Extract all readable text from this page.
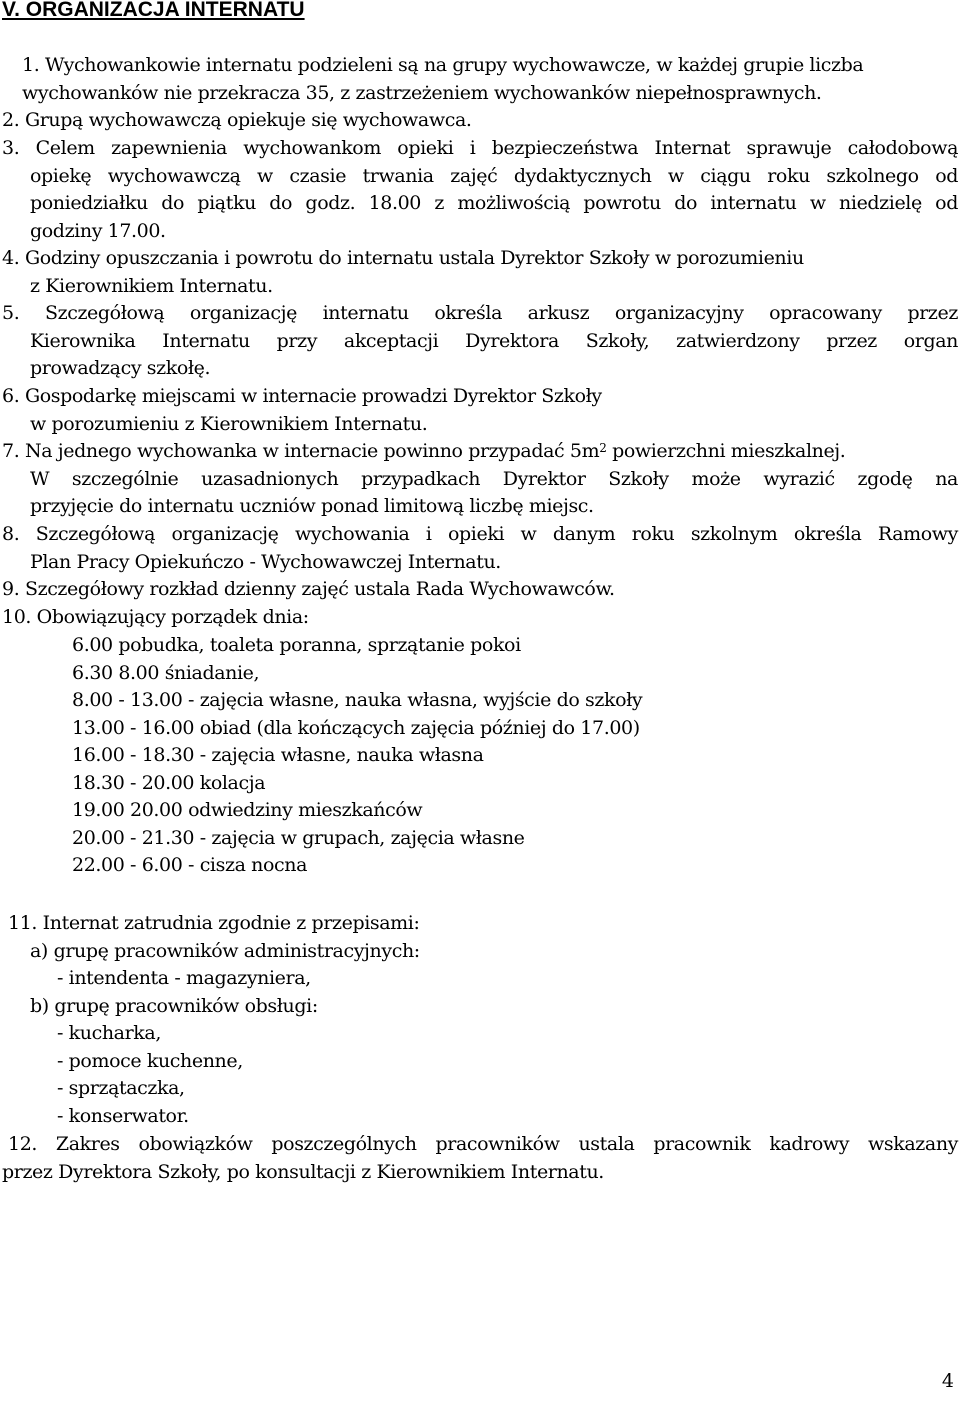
V. ORGANIZACJA INTERNATU
1. Wychowankowie internatu podzieleni są na grupy wychowawcze, w każdej grupie liczba
wychowanków nie przekracza 35, z zastrzeżeniem wychowanków niepełnosprawnych.
2. Grupą wychowawczą opiekuje się wychowawca.
3. Celem zapewnienia wychowankom opieki i bezpieczeństwa Internat sprawuje całodobową
opiekę wychowawczą w czasie trwania zajęć dydaktycznych w ciągu roku szkolnego od
poniedziałku do piątku do godz. 18.00 z możliwością powrotu do internatu w niedzielę od
godziny 17.00.
4. Godziny opuszczania i powrotu do internatu ustala Dyrektor Szkoły w porozumieniu
z Kierownikiem Internatu.
5. Szczegółową organizację internatu określa arkusz organizacyjny opracowany przez
Kierownika Internatu przy akceptacji Dyrektora Szkoły, zatwierdzony przez organ
prowadzący szkołę.
6. Gospodarkę miejscami w internacie prowadzi Dyrektor Szkoły
w porozumieniu z Kierownikiem Internatu.
7. Na jednego wychowanka w internacie powinno przypadać $5m^2$ powierzchni mieszkalnej.
W szczególnie uzasadnionych przypadkach Dyrektor Szkoły może wyrazić zgodę na
przyjęcie do internatu uczniów ponad limitową liczbę miejsc.
8. Szczegółową organizację wychowania i opieki w danym roku szkolnym określa Ramowy
Plan Pracy Opiekuńczo - Wychowawczej Internatu.
9. Szczegółowy rozkład dzienny zajęć ustala Rada Wychowawców.
10. Obowiązujący porządek dnia:
6.00 pobudka, toaleta poranna, sprzątanie pokoi
6.30 8.00 śniadanie,
8.00 - 13.00 - zajęcia własne, nauka własna, wyjście do szkoły
13.00 - 16.00 obiad (dla kończących zajęcia później do 17.00)
16.00 - 18.30 - zajęcia własne, nauka własna
18.30 - 20.00 kolacja
19.00 20.00 odwiedziny mieszkańców
20.00 - 21.30 - zajęcia w grupach, zajęcia własne
22.00 - 6.00 - cisza nocna
11. Internat zatrudnia zgodnie z przepisami:
a) grupę pracowników administracyjnych:
- intendenta - magazyniera,
b) grupę pracowników obsługi:
- kucharka,
- pomoce kuchenne,
- sprzątaczka,
- konserwator.
12. Zakres obowiązków poszczególnych pracowników ustala pracownik kadrowy wskazany
przez Dyrektora Szkoły, po konsultacji z Kierownikiem Internatu.
4
